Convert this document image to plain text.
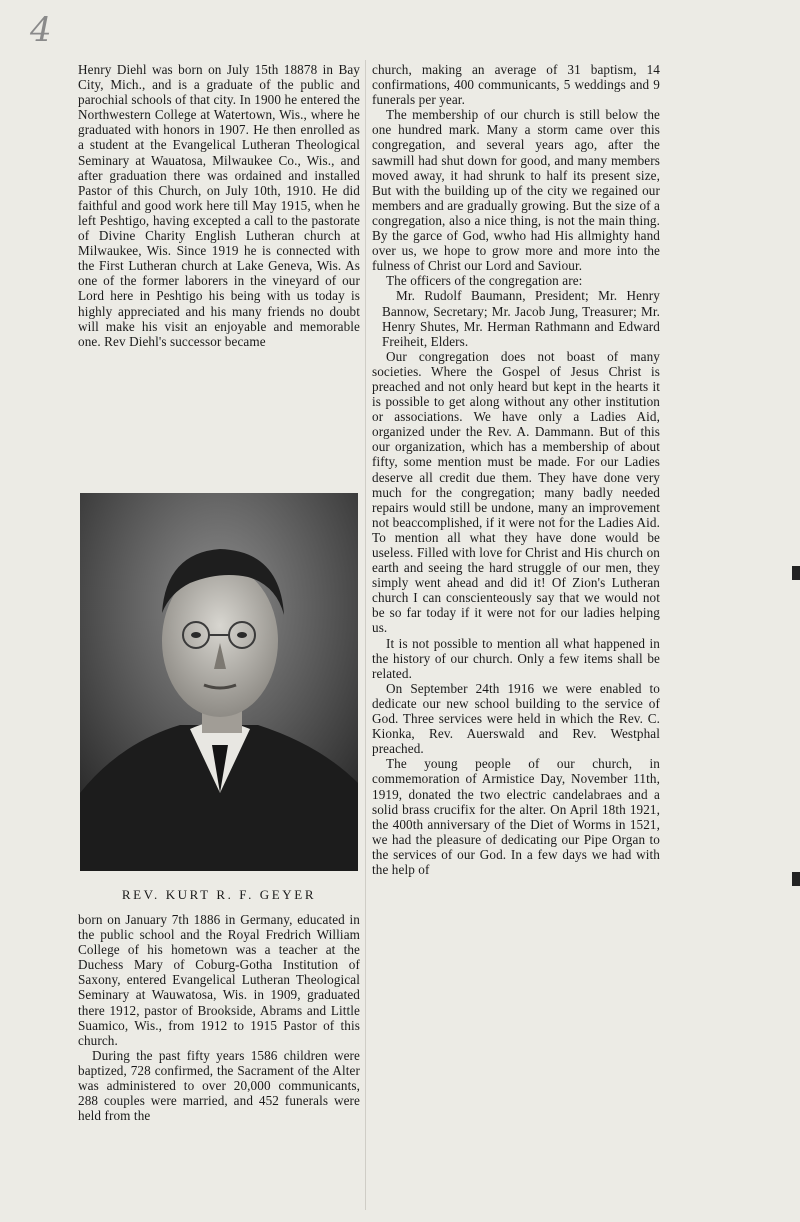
4

Henry Diehl was born on July 15th 18878 in Bay City, Mich., and is a graduate of the public and parochial schools of that city. In 1900 he entered the Northwestern College at Watertown, Wis., where he graduated with honors in 1907. He then enrolled as a student at the Evangelical Lutheran Theological Seminary at Wauatosa, Milwaukee Co., Wis., and after graduation there was ordained and installed Pastor of this Church, on July 10th, 1910. He did faithful and good work here till May 1915, when he left Peshtigo, having excepted a call to the pastorate of Divine Charity English Lutheran church at Milwaukee, Wis. Since 1919 he is connected with the First Lutheran church at Lake Geneva, Wis. As one of the former laborers in the vineyard of our Lord here in Peshtigo his being with us today is highly appreciated and his many friends no doubt will make his visit an enjoyable and memorable one. Rev Diehl's successor became

REV. KURT R. F. GEYER

born on January 7th 1886 in Germany, educated in the public school and the Royal Fredrich William College of his hometown was a teacher at the Duchess Mary of Coburg-Gotha Institution of Saxony, entered Evangelical Lutheran Theological Seminary at Wauwatosa, Wis. in 1909, graduated there 1912, pastor of Brookside, Abrams and Little Suamico, Wis., from 1912 to 1915 Pastor of this church.

During the past fifty years 1586 children were baptized, 728 confirmed, the Sacrament of the Alter was administered to over 20,000 communicants, 288 couples were married, and 452 funerals were held from the

church, making an average of 31 baptism, 14 confirmations, 400 communicants, 5 weddings and 9 funerals per year.

The membership of our church is still below the one hundred mark. Many a storm came over this congregation, and several years ago, after the sawmill had shut down for good, and many members moved away, it had shrunk to half its present size, But with the building up of the city we regained our members and are gradually growing. But the size of a congregation, also a nice thing, is not the main thing. By the garce of God, wwho had His allmighty hand over us, we hope to grow more and more into the fulness of Christ our Lord and Saviour.

The officers of the congregation are:

Mr. Rudolf Baumann, President; Mr. Henry Bannow, Secretary; Mr. Jacob Jung, Treasurer; Mr. Henry Shutes, Mr. Herman Rathmann and Edward Freiheit, Elders.

Our congregation does not boast of many societies. Where the Gospel of Jesus Christ is preached and not only heard but kept in the hearts it is possible to get along without any other institution or associations. We have only a Ladies Aid, organized under the Rev. A. Dammann. But of this our organization, which has a membership of about fifty, some mention must be made. For our Ladies deserve all credit due them. They have done very much for the congregation; many badly needed repairs would still be undone, many an improvement not beaccomplished, if it were not for the Ladies Aid. To mention all what they have done would be useless. Filled with love for Christ and His church on earth and seeing the hard struggle of our men, they simply went ahead and did it! Of Zion's Lutheran church I can conscienteously say that we would not be so far today if it were not for our ladies helping us.

It is not possible to mention all what happened in the history of our church. Only a few items shall be related.

On September 24th 1916 we were enabled to dedicate our new school building to the service of God. Three services were held in which the Rev. C. Kionka, Rev. Auerswald and Rev. Westphal preached.

The young people of our church, in commemoration of Armistice Day, November 11th, 1919, donated the two electric candelabraes and a solid brass crucifix for the alter. On April 18th 1921, the 400th anniversary of the Diet of Worms in 1521, we had the pleasure of dedicating our Pipe Organ to the services of our God. In a few days we had with the help of
